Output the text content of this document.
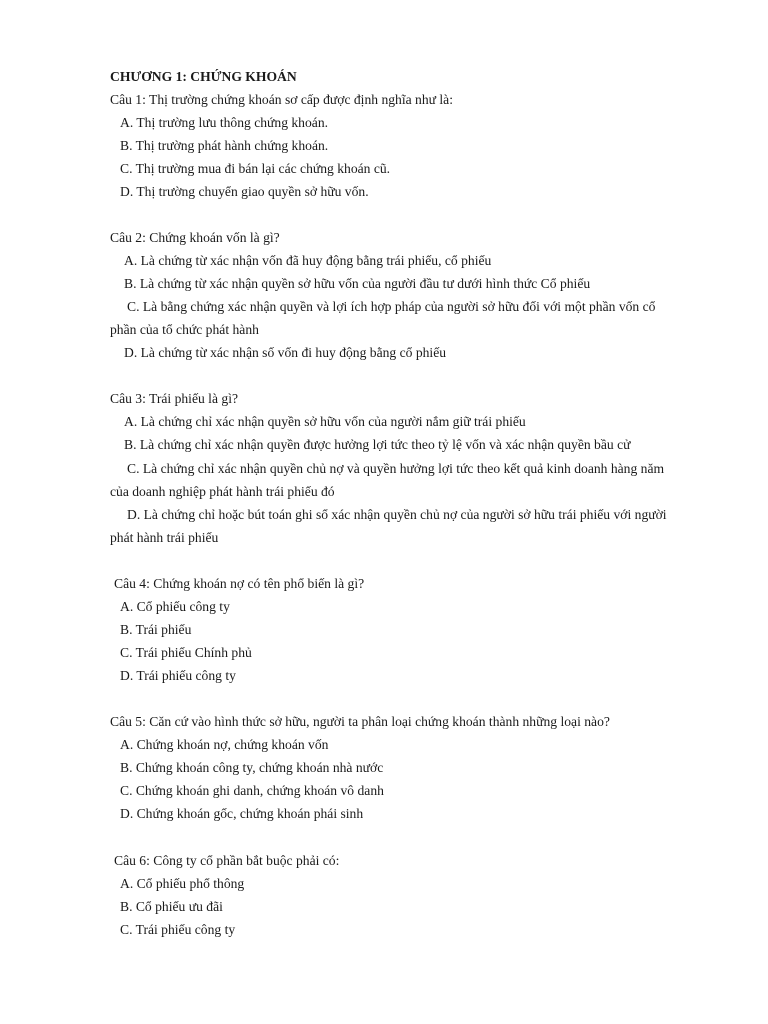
CHƯƠNG 1: CHỨNG KHOÁN
Câu 1: Thị trường chứng khoán sơ cấp được định nghĩa như là:
A. Thị trường lưu thông chứng khoán.
B. Thị trường phát hành chứng khoán.
C. Thị trường mua đi bán lại các chứng khoán cũ.
D. Thị trường chuyển giao quyền sở hữu vốn.
Câu 2: Chứng khoán vốn là gì?
A. Là chứng từ xác nhận vốn đã huy động bằng trái phiếu, cổ phiếu
B. Là chứng từ xác nhận quyền sở hữu vốn của người đầu tư dưới hình thức Cổ phiếu
C. Là bằng chứng xác nhận quyền và lợi ích hợp pháp của người sở hữu đối với một phần vốn cổ
phần của tổ chức phát hành
D. Là chứng từ xác nhận số vốn đi huy động bằng cổ phiếu
Câu 3: Trái phiếu là gì?
A. Là chứng chỉ xác nhận quyền sở hữu vốn của người nắm giữ trái phiếu
B. Là chứng chỉ xác nhận quyền được hưởng lợi tức theo tỷ lệ vốn và xác nhận quyền bầu cử
C. Là chứng chỉ xác nhận quyền chủ nợ và quyền hưởng lợi tức theo kết quả kinh doanh hàng năm
của doanh nghiệp phát hành trái phiếu đó
D. Là chứng chỉ hoặc bút toán ghi sổ xác nhận quyền chủ nợ của người sở hữu trái phiếu với người
phát hành trái phiếu
Câu 4: Chứng khoán nợ có tên phổ biến là gì?
A. Cổ phiếu công ty
B. Trái phiếu
C. Trái phiếu Chính phủ
D. Trái phiếu công ty
Câu 5: Căn cứ vào hình thức sở hữu, người ta phân loại chứng khoán thành những loại nào?
A. Chứng khoán nợ, chứng khoán vốn
B. Chứng khoán công ty, chứng khoán nhà nước
C. Chứng khoán ghi danh, chứng khoán vô danh
D. Chứng khoán gốc, chứng khoán phái sinh
Câu 6: Công ty cổ phần bắt buộc phải có:
A. Cổ phiếu phổ thông
B. Cổ phiếu ưu đãi
C. Trái phiếu công ty
